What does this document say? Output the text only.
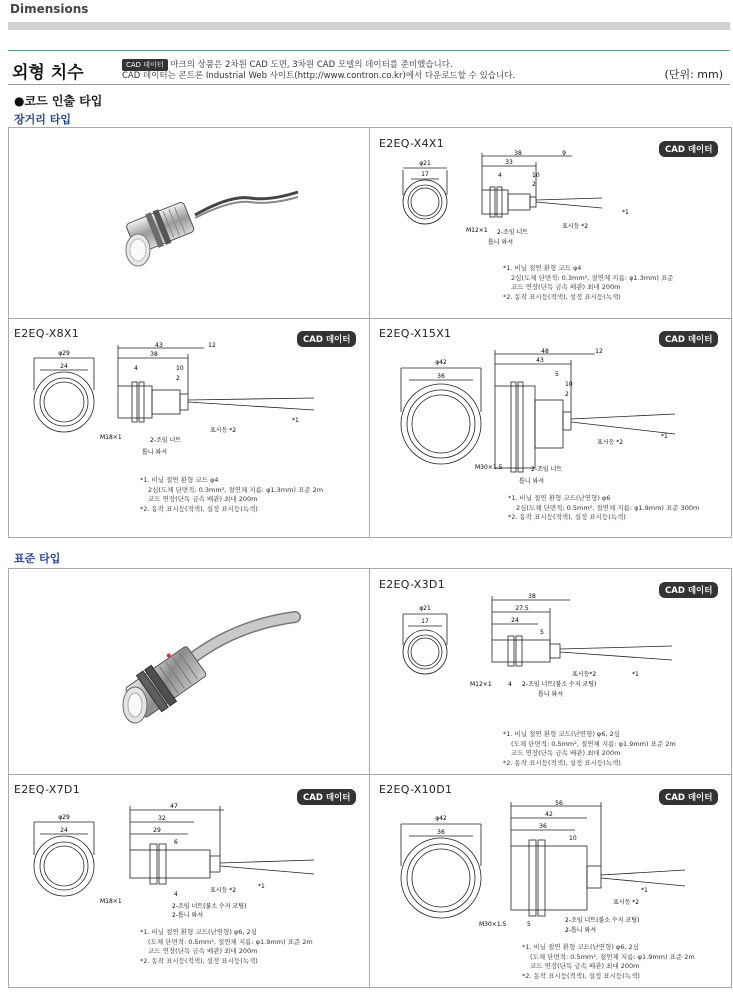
Dimensions
외형 치수	CAD 데이터 마크의 상품은 2차원 CAD 도면, 3차원 CAD 모델의 데이터를 준비했습니다.
CAD 데이터는 콘트론 Industrial Web 사이트(http://www.contron.co.kr)에서 다운로드할 수 있습니다.	(단위: mm)
●코드 인출 타입
장거리 타입
표준 타입
E2EQ-X4X1	CAD 데이터
φ21
17
38
33
9
4	10
2
M12×1 2-조임 너트
톱니 와셔
표시등 *2
*1
*1. 비닐 절연 환형 코드 φ4
2심(도체 단면적: 0.3mm², 절연체 지름: φ1.3mm) 표준
코드 연장(단독 금속 배관) 최대 200m
*2. 동작 표시등(적색), 설정 표시등(녹색)
E2EQ-X8X1	CAD 데이터
φ29
24
43
38
12
4	10
2
M18×1	2-조임 너트
톱니 와셔
표시등 *2
*1
*1. 비닐 절연 환형 코드 φ4
2심(도체 단면적: 0.3mm², 절연체 지름: φ1.3mm) 표준 2m
코드 연장(단독 금속 배관) 최대 200m
*2. 동작 표시등(적색), 설정 표시등(녹색)
E2EQ-X15X1	CAD 데이터
φ42
36
48
43
12
5
10
2
M30×1.5	2-조임 너트
톱니 와셔
표시등 *2
*1
*1. 비닐 절연 환형 코드(난연형) φ6
2심(도체 단면적: 0.5mm², 절연체 지름: φ1.9mm) 표준 300m
*2. 동작 표시등(적색), 설정 표시등(녹색)
E2EQ-X3D1	CAD 데이터
φ21
17
38
27.5
24
5
4
M12×1	2-조임 너트(불소 수지 코팅)
톱니 와셔
표시등*2	*1
*1. 비닐 절연 환형 코드(난연형) φ6, 2심
(도체 단면적: 0.5mm², 절연체 지름: φ1.9mm) 표준 2m
코드 연장(단독 금속 배관) 최대 200m
*2. 동작 표시등(적색), 설정 표시등(녹색)
E2EQ-X7D1
CAD 데이터
φ29
24
47
32
29
6
4
M18×1
2-조임 너트(불소 수지 코팅)
2-톱니 와셔
표시등 *2
*1
*1. 비닐 절연 환형 코드(난연형) φ6, 2심
(도체 단면적: 0.5mm², 절연체 지름: φ1.9mm) 표준 2m
코드 연장(단독 금속 배관) 최대 200m
*2. 동작 표시등(적색), 설정 표시등(녹색)
E2EQ-X10D1
CAD 데이터
φ42
36
56
42
36
10
5
M30×1.5
2-조임 너트(불소 수지 코팅)
2-톱니 와셔
표시등 *2
*1
*1. 비닐 절연 환형 코드(난연형) φ6, 2심
(도체 단면적: 0.5mm², 절연체 지름: φ1.9mm) 표준 2m
코드 연장(단독 금속 배관) 최대 200m
*2. 동작 표시등(적색), 설정 표시등(녹색)
